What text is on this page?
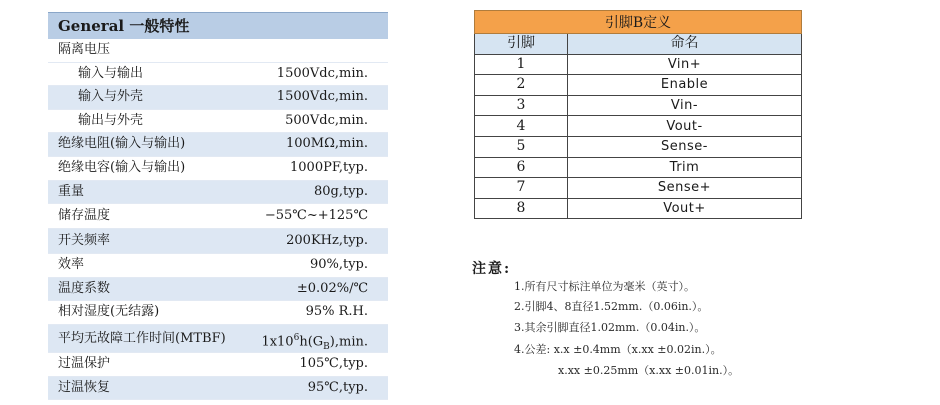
General 一般特性
隔离电压
输入与输出	1500Vdc,min.
输入与外壳	1500Vdc,min.
输出与外壳	500Vdc,min.
绝缘电阻(输入与输出)	100MΩ,min.
绝缘电容(输入与输出)	1000PF,typ.
重量	80g,typ.
储存温度	−55℃~+125℃
开关频率	200KHz,typ.
效率	90%,typ.
温度系数	±0.02%/℃
相对湿度(无结露)	95% R.H.
平均无故障工作时间(MTBF)	$1x10^6h(G_B),\min$.
过温保护	105℃,typ.
过温恢复	95℃,typ.
引脚B定义	
引脚	命名
1	Vin+
2	Enable
3	Vin-
4	Vout-
5	Sense-
6	Trim
7	Sense+
8	Vout+
注意:
1.所有尺寸标注单位为毫米（英寸）。
2.引脚4、8直径1.52mm.（0.06in.）。
3.其余引脚直径1.02mm.（0.04in.）。
4.公差: x.x ±0.4mm（x.xx ±0.02in.）。
x.xx ±0.25mm（x.xx ±0.01in.）。
